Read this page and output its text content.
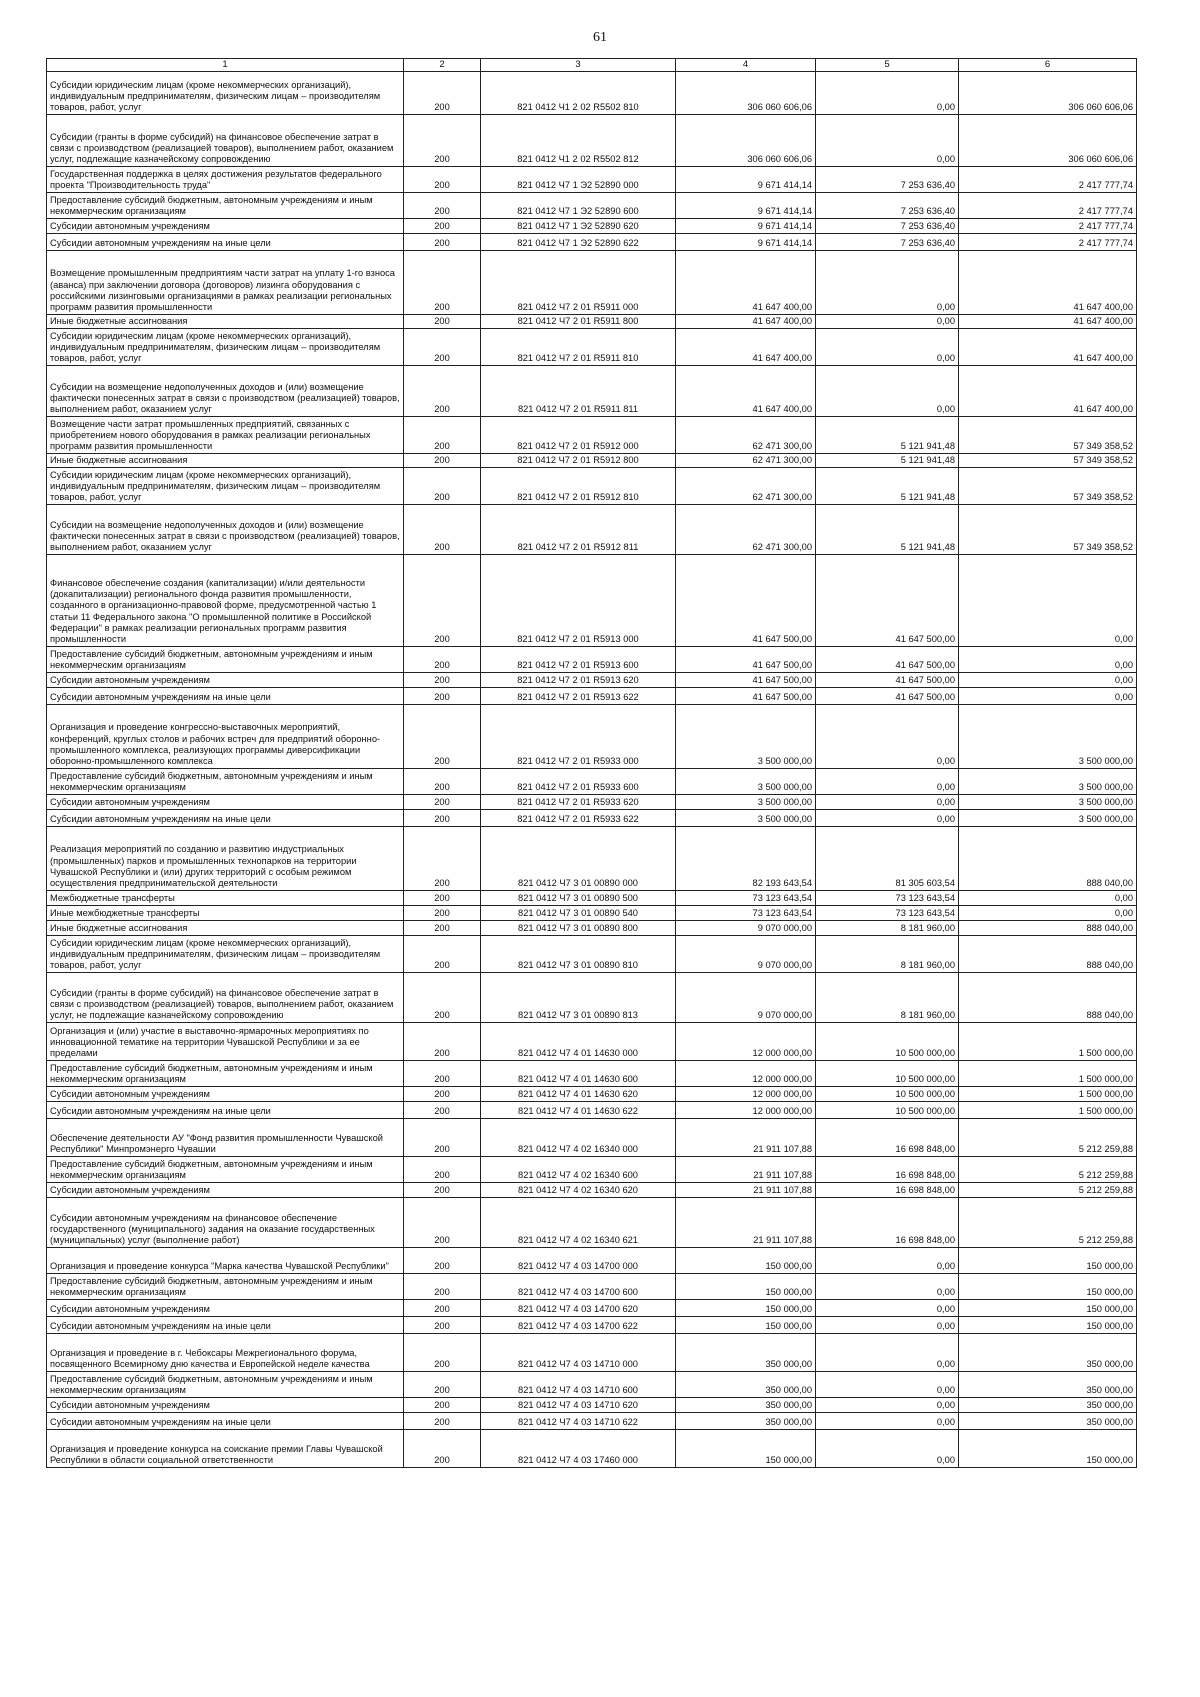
61
1	2	3	4	5	6
Субсидии юридическим лицам (кроме некоммерческих организаций), индивидуальным предпринимателям, физическим лицам – производителям товаров, работ, услуг	200	821 0412 Ч1 2 02 R5502 810	306 060 606,06	0,00	306 060 606,06
Субсидии (гранты в форме субсидий) на финансовое обеспечение затрат в связи с производством (реализацией товаров), выполнением работ, оказанием услуг, подлежащие казначейскому сопровождению	200	821 0412 Ч1 2 02 R5502 812	306 060 606,06	0,00	306 060 606,06
Государственная поддержка в целях достижения результатов федерального проекта "Производительность труда"	200	821 0412 Ч7 1 Э2 52890 000	9 671 414,14	7 253 636,40	2 417 777,74
Предоставление субсидий бюджетным, автономным учреждениям и иным некоммерческим организациям	200	821 0412 Ч7 1 Э2 52890 600	9 671 414,14	7 253 636,40	2 417 777,74
Субсидии автономным учреждениям	200	821 0412 Ч7 1 Э2 52890 620	9 671 414,14	7 253 636,40	2 417 777,74
Субсидии автономным учреждениям на иные цели	200	821 0412 Ч7 1 Э2 52890 622	9 671 414,14	7 253 636,40	2 417 777,74
Возмещение промышленным предприятиям части затрат на уплату 1-го взноса (аванса) при заключении договора (договоров) лизинга оборудования с российскими лизинговыми организациями в рамках реализации региональных программ развития промышленности	200	821 0412 Ч7 2 01 R5911 000	41 647 400,00	0,00	41 647 400,00
Иные бюджетные ассигнования	200	821 0412 Ч7 2 01 R5911 800	41 647 400,00	0,00	41 647 400,00
Субсидии юридическим лицам (кроме некоммерческих организаций), индивидуальным предпринимателям, физическим лицам – производителям товаров, работ, услуг	200	821 0412 Ч7 2 01 R5911 810	41 647 400,00	0,00	41 647 400,00
Субсидии на возмещение недополученных доходов и (или) возмещение фактически понесенных затрат в связи с производством (реализацией) товаров, выполнением работ, оказанием услуг	200	821 0412 Ч7 2 01 R5911 811	41 647 400,00	0,00	41 647 400,00
Возмещение части затрат промышленных предприятий, связанных с приобретением нового оборудования в рамках реализации региональных программ развития промышленности	200	821 0412 Ч7 2 01 R5912 000	62 471 300,00	5 121 941,48	57 349 358,52
Иные бюджетные ассигнования	200	821 0412 Ч7 2 01 R5912 800	62 471 300,00	5 121 941,48	57 349 358,52
Субсидии юридическим лицам (кроме некоммерческих организаций), индивидуальным предпринимателям, физическим лицам – производителям товаров, работ, услуг	200	821 0412 Ч7 2 01 R5912 810	62 471 300,00	5 121 941,48	57 349 358,52
Субсидии на возмещение недополученных доходов и (или) возмещение фактически понесенных затрат в связи с производством (реализацией) товаров, выполнением работ, оказанием услуг	200	821 0412 Ч7 2 01 R5912 811	62 471 300,00	5 121 941,48	57 349 358,52
Финансовое обеспечение создания (капитализации) и/или деятельности (докапитализации) регионального фонда развития промышленности, созданного в организационно-правовой форме, предусмотренной частью 1 статьи 11 Федерального закона "О промышленной политике в Российской Федерации" в рамках реализации региональных программ развития промышленности	200	821 0412 Ч7 2 01 R5913 000	41 647 500,00	41 647 500,00	0,00
Предоставление субсидий бюджетным, автономным учреждениям и иным некоммерческим организациям	200	821 0412 Ч7 2 01 R5913 600	41 647 500,00	41 647 500,00	0,00
Субсидии автономным учреждениям	200	821 0412 Ч7 2 01 R5913 620	41 647 500,00	41 647 500,00	0,00
Субсидии автономным учреждениям на иные цели	200	821 0412 Ч7 2 01 R5913 622	41 647 500,00	41 647 500,00	0,00
Организация и проведение конгрессно-выставочных мероприятий, конференций, круглых столов и рабочих встреч для предприятий оборонно-промышленного комплекса, реализующих программы диверсификации оборонно-промышленного комплекса	200	821 0412 Ч7 2 01 R5933 000	3 500 000,00	0,00	3 500 000,00
Предоставление субсидий бюджетным, автономным учреждениям и иным некоммерческим организациям	200	821 0412 Ч7 2 01 R5933 600	3 500 000,00	0,00	3 500 000,00
Субсидии автономным учреждениям	200	821 0412 Ч7 2 01 R5933 620	3 500 000,00	0,00	3 500 000,00
Субсидии автономным учреждениям на иные цели	200	821 0412 Ч7 2 01 R5933 622	3 500 000,00	0,00	3 500 000,00
Реализация мероприятий по созданию и развитию индустриальных (промышленных) парков и промышленных технопарков на территории Чувашской Республики и (или) других территорий с особым режимом осуществления предпринимательской деятельности	200	821 0412 Ч7 3 01 00890 000	82 193 643,54	81 305 603,54	888 040,00
Межбюджетные трансферты	200	821 0412 Ч7 3 01 00890 500	73 123 643,54	73 123 643,54	0,00
Иные межбюджетные трансферты	200	821 0412 Ч7 3 01 00890 540	73 123 643,54	73 123 643,54	0,00
Иные бюджетные ассигнования	200	821 0412 Ч7 3 01 00890 800	9 070 000,00	8 181 960,00	888 040,00
Субсидии юридическим лицам (кроме некоммерческих организаций), индивидуальным предпринимателям, физическим лицам – производителям товаров, работ, услуг	200	821 0412 Ч7 3 01 00890 810	9 070 000,00	8 181 960,00	888 040,00
Субсидии (гранты в форме субсидий) на финансовое обеспечение затрат в связи с производством (реализацией) товаров, выполнением работ, оказанием услуг, не подлежащие казначейскому сопровождению	200	821 0412 Ч7 3 01 00890 813	9 070 000,00	8 181 960,00	888 040,00
Организация и (или) участие в выставочно-ярмарочных мероприятиях по инновационной тематике на территории Чувашской Республики и за ее пределами	200	821 0412 Ч7 4 01 14630 000	12 000 000,00	10 500 000,00	1 500 000,00
Предоставление субсидий бюджетным, автономным учреждениям и иным некоммерческим организациям	200	821 0412 Ч7 4 01 14630 600	12 000 000,00	10 500 000,00	1 500 000,00
Субсидии автономным учреждениям	200	821 0412 Ч7 4 01 14630 620	12 000 000,00	10 500 000,00	1 500 000,00
Субсидии автономным учреждениям на иные цели	200	821 0412 Ч7 4 01 14630 622	12 000 000,00	10 500 000,00	1 500 000,00
Обеспечение деятельности АУ "Фонд развития промышленности Чувашской Республики" Минпромэнерго Чувашии	200	821 0412 Ч7 4 02 16340 000	21 911 107,88	16 698 848,00	5 212 259,88
Предоставление субсидий бюджетным, автономным учреждениям и иным некоммерческим организациям	200	821 0412 Ч7 4 02 16340 600	21 911 107,88	16 698 848,00	5 212 259,88
Субсидии автономным учреждениям	200	821 0412 Ч7 4 02 16340 620	21 911 107,88	16 698 848,00	5 212 259,88
Субсидии автономным учреждениям на финансовое обеспечение государственного (муниципального) задания на оказание государственных (муниципальных) услуг (выполнение работ)	200	821 0412 Ч7 4 02 16340 621	21 911 107,88	16 698 848,00	5 212 259,88
Организация и проведение конкурса "Марка качества Чувашской Республики"	200	821 0412 Ч7 4 03 14700 000	150 000,00	0,00	150 000,00
Предоставление субсидий бюджетным, автономным учреждениям и иным некоммерческим организациям	200	821 0412 Ч7 4 03 14700 600	150 000,00	0,00	150 000,00
Субсидии автономным учреждениям	200	821 0412 Ч7 4 03 14700 620	150 000,00	0,00	150 000,00
Субсидии автономным учреждениям на иные цели	200	821 0412 Ч7 4 03 14700 622	150 000,00	0,00	150 000,00
Организация и проведение в г. Чебоксары Межрегионального форума, посвященного Всемирному дню качества и Европейской неделе качества	200	821 0412 Ч7 4 03 14710 000	350 000,00	0,00	350 000,00
Предоставление субсидий бюджетным, автономным учреждениям и иным некоммерческим организациям	200	821 0412 Ч7 4 03 14710 600	350 000,00	0,00	350 000,00
Субсидии автономным учреждениям	200	821 0412 Ч7 4 03 14710 620	350 000,00	0,00	350 000,00
Субсидии автономным учреждениям на иные цели	200	821 0412 Ч7 4 03 14710 622	350 000,00	0,00	350 000,00
Организация и проведение конкурса на соискание премии Главы Чувашской Республики в области социальной ответственности	200	821 0412 Ч7 4 03 17460 000	150 000,00	0,00	150 000,00
